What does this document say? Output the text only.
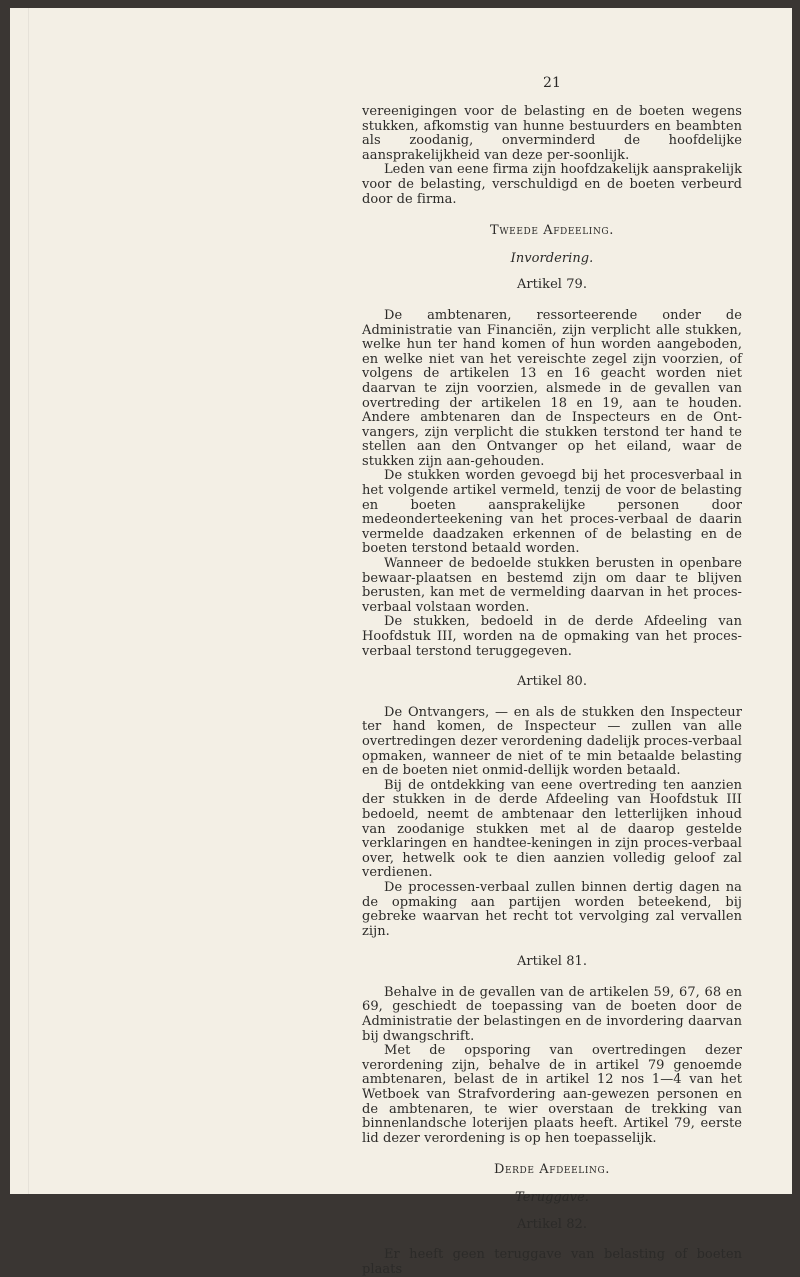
21
vereenigingen voor de belasting en de boeten wegens stukken, afkomstig van hunne bestuurders en beambten als zoodanig, onverminderd de hoofdelijke aansprakelijkheid van deze per-soonlijk.
Leden van eene firma zijn hoofdzakelijk aansprakelijk voor de belasting, verschuldigd en de boeten verbeurd door de firma.
Tweede Afdeeling.
Invordering.
Artikel 79.
De ambtenaren, ressorteerende onder de Administratie van Financiën, zijn verplicht alle stukken, welke hun ter hand komen of hun worden aangeboden, en welke niet van het vereischte zegel zijn voorzien, of volgens de artikelen 13 en 16 geacht worden niet daarvan te zijn voorzien, alsmede in de gevallen van overtreding der artikelen 18 en 19, aan te houden. Andere ambtenaren dan de Inspecteurs en de Ont-vangers, zijn verplicht die stukken terstond ter hand te stellen aan den Ontvanger op het eiland, waar de stukken zijn aan-gehouden.
De stukken worden gevoegd bij het procesverbaal in het volgende artikel vermeld, tenzij de voor de belasting en boeten aansprakelijke personen door medeonderteekening van het proces-verbaal de daarin vermelde daadzaken erkennen of de belasting en de boeten terstond betaald worden.
Wanneer de bedoelde stukken berusten in openbare bewaar-plaatsen en bestemd zijn om daar te blijven berusten, kan met de vermelding daarvan in het proces-verbaal volstaan worden.
De stukken, bedoeld in de derde Afdeeling van Hoofdstuk III, worden na de opmaking van het proces-verbaal terstond teruggegeven.
Artikel 80.
De Ontvangers, — en als de stukken den Inspecteur ter hand komen, de Inspecteur — zullen van alle overtredingen dezer verordening dadelijk proces-verbaal opmaken, wanneer de niet of te min betaalde belasting en de boeten niet onmid-dellijk worden betaald.
Bij de ontdekking van eene overtreding ten aanzien der stukken in de derde Afdeeling van Hoofdstuk III bedoeld, neemt de ambtenaar den letterlijken inhoud van zoodanige stukken met al de daarop gestelde verklaringen en handtee-keningen in zijn proces-verbaal over, hetwelk ook te dien aanzien volledig geloof zal verdienen.
De processen-verbaal zullen binnen dertig dagen na de opmaking aan partijen worden beteekend, bij gebreke waarvan het recht tot vervolging zal vervallen zijn.
Artikel 81.
Behalve in de gevallen van de artikelen 59, 67, 68 en 69, geschiedt de toepassing van de boeten door de Administratie der belastingen en de invordering daarvan bij dwangschrift.
Met de opsporing van overtredingen dezer verordening zijn, behalve de in artikel 79 genoemde ambtenaren, belast de in artikel 12 nos 1—4 van het Wetboek van Strafvordering aan-gewezen personen en de ambtenaren, te wier overstaan de trekking van binnenlandsche loterijen plaats heeft. Artikel 79, eerste lid dezer verordening is op hen toepasselijk.
Derde Afdeeling.
Teruggave.
Artikel 82.
Er heeft geen teruggave van belasting of boeten plaats
